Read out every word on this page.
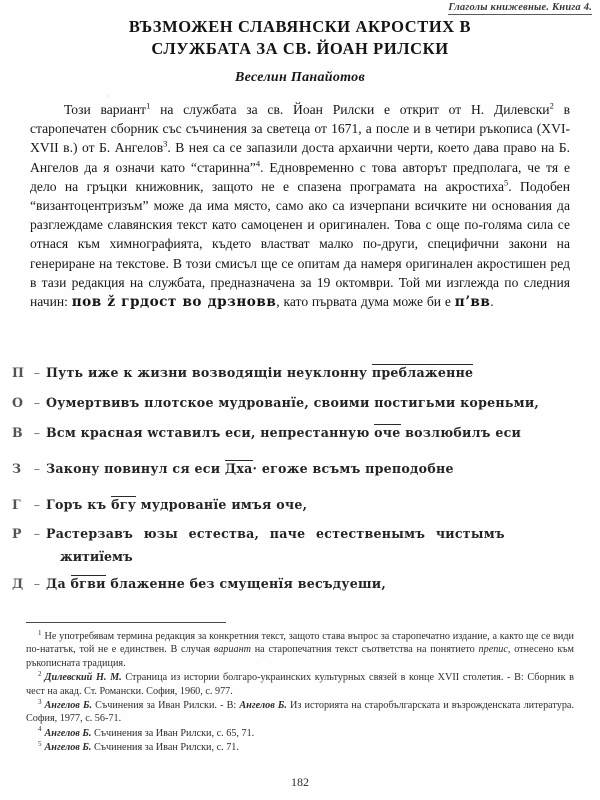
Глаголы книжевные. Книга 4.
ВЪЗМОЖЕН СЛАВЯНСКИ АКРОСТИХ В
СЛУЖБАТА ЗА СВ. ЙОАН РИЛСКИ
Веселин Панайотов
Този вариант$^1$ на службата за св. Йоан Рилски е открит от Н. Дилевски$^2$ в старопечатен сборник със съчинения за светеца от 1671, а после и в четири ръкописа (XVI-XVII в.) от Б. Ангелов$^3$. В нея са се запазили доста архаични черти, което дава право на Б. Ангелов да я означи като “старинна”$^4$. Едновременно с това авторът предполага, че тя е дело на гръцки книжовник, защото не е спазена програмата на акростиха$^5$. Подобен “византоцентризъм” може да има място, само ако са изчерпани всичките ни основания да разглеждаме славянския текст като самоценен и оригинален. Това с още по-голяма сила се отнася към химнографията, където властват малко по-други, специфични закони на генериране на текстове. В този смисъл ще се опитам да намеря оригинален акростишен ред в тази редакция на службата, предназначена за 19 октомври. Той ми изглежда по следния начин: пов ž грдост во дрзновв, като първата дума може би е пʼвв.
П – Путь иже к жизни возводящiи неуклонну преблаженне
О – Оумертвивъ плотское мудрованїе, своими постигьми кореньми,
В – Всм красная wставилъ еси, непрестанную оче возлюбилъ еси
З – Закону повинул ся еси Дха· егоже всъмъ преподобне
Г	– Горъ къ бгу мудрованїе имъя оче,
Р – Растерзавъ юзы естества, паче естественымъ чистымъ
житиїемъ
Д – Да бгви блаженне без смущенїя весъдуеши,
$^1$ Не употребявам термина редакция за конкретния текст, защото става въпрос за старопечатно издание, а както ще се види по-нататък, той не е единствен. В случая вариант на старопечатния текст съответства на понятието препис, отнесено към ръкописната традиция.
$^2$ Дилевский Н. М. Страница из истории болгаро-украинских культурных связей в конце XVII столетия. - В: Сборник в чест на акад. Ст. Романски. София, 1960, с. 977.
$^3$ Ангелов Б. Съчинения за Иван Рилски. - В: Ангелов Б. Из историята на старобългарската и възрожденската литература. София, 1977, с. 56-71.
$^4$ Ангелов Б. Съчинения за Иван Рилски, с. 65, 71.
$^5$ Ангелов Б. Съчинения за Иван Рилски, с. 71.
182
